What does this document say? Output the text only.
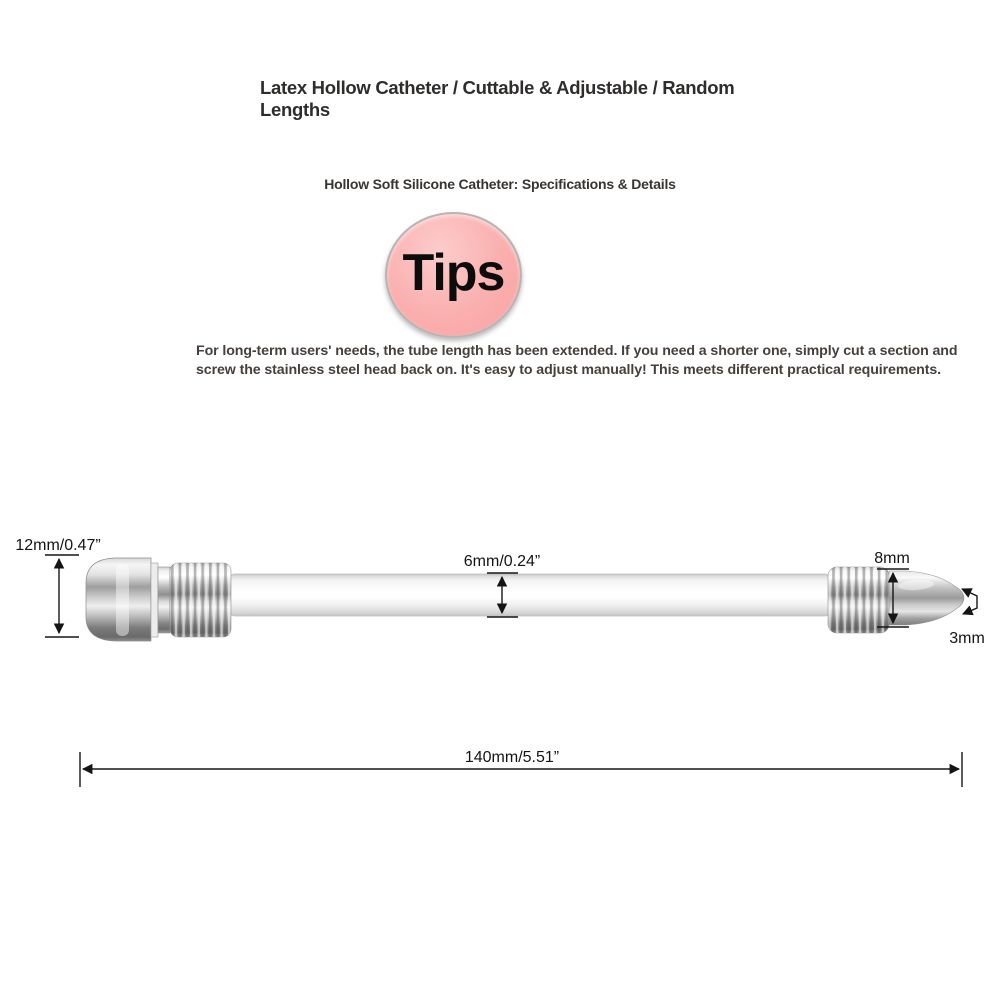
Latex Hollow Catheter / Cuttable & Adjustable / Random Lengths
Hollow Soft Silicone Catheter: Specifications & Details
Tips
For long-term users' needs, the tube length has been extended. If you need a shorter one, simply cut a section and screw the stainless steel head back on. It's easy to adjust manually! This meets different practical requirements.
12mm/0.47”
6mm/0.24”	8mm
3mm
140mm/5.51”
